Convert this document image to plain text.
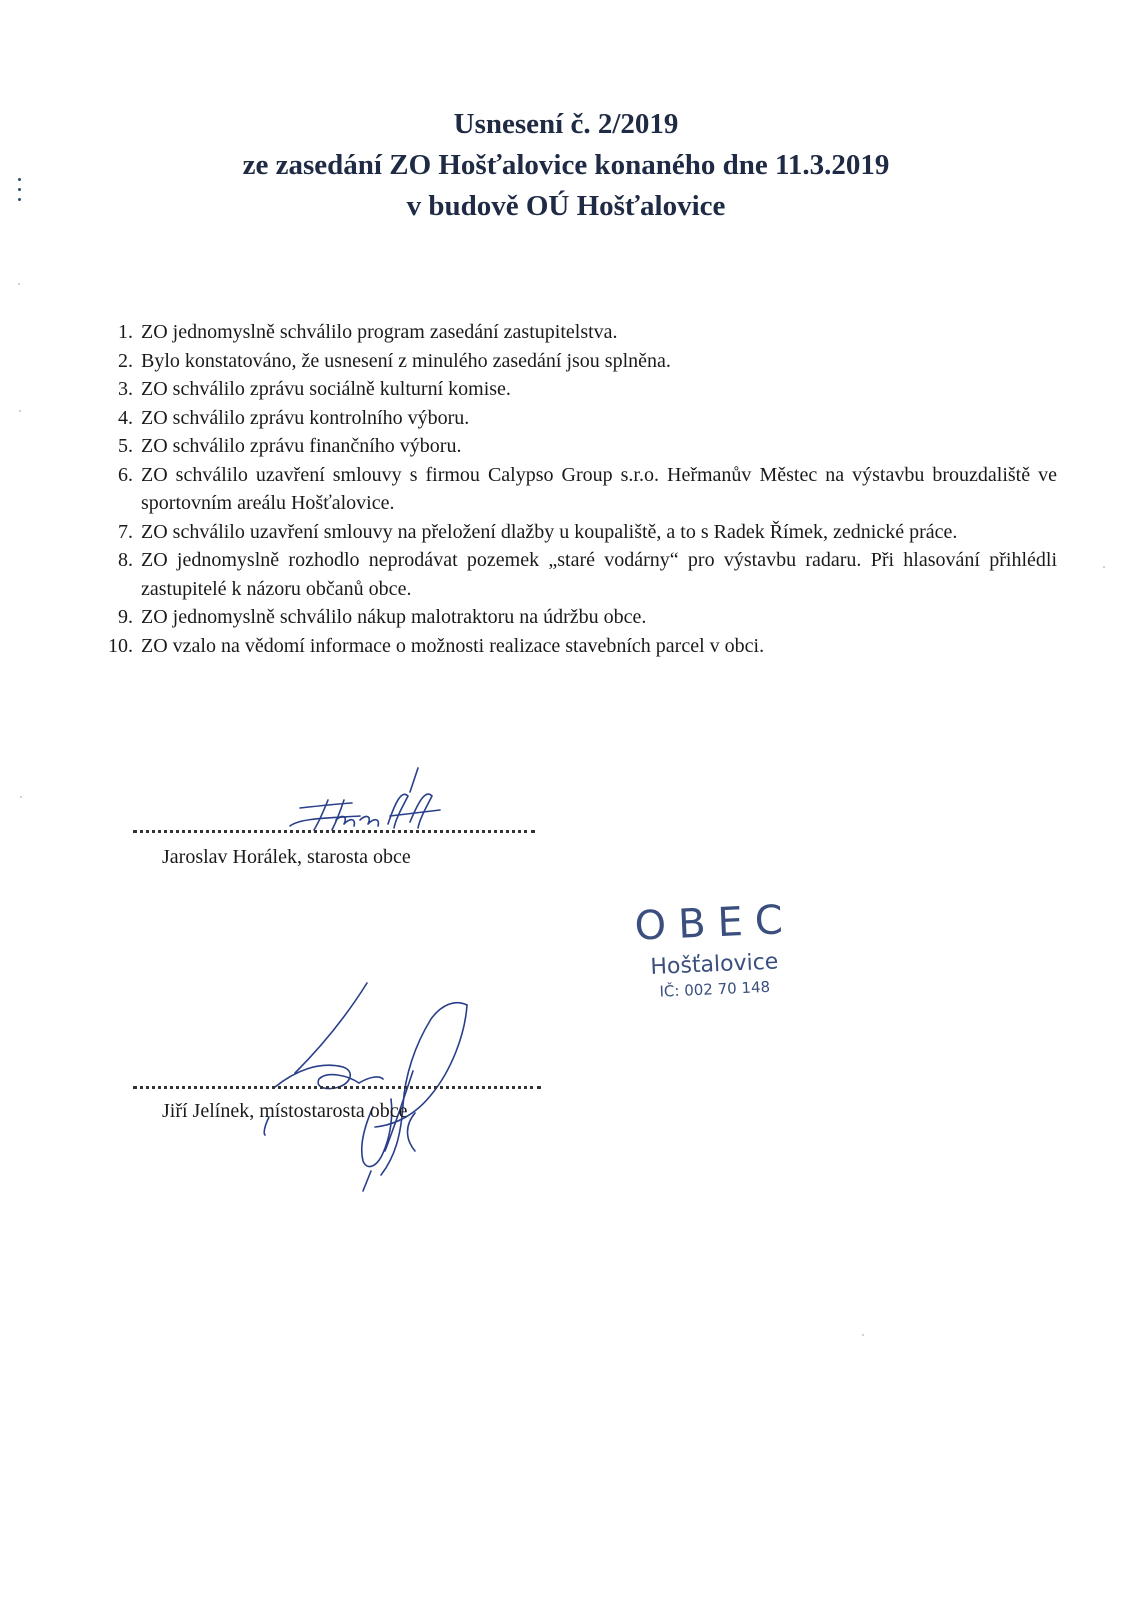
Usnesení č. 2/2019
ze zasedání ZO Hošťalovice konaného dne 11.3.2019
v budově OÚ Hošťalovice
1. ZO jednomyslně schválilo program zasedání zastupitelstva.
2. Bylo konstatováno, že usnesení z minulého zasedání jsou splněna.
3. ZO schválilo zprávu sociálně kulturní komise.
4. ZO schválilo zprávu kontrolního výboru.
5. ZO schválilo zprávu finančního výboru.
6. ZO schválilo uzavření smlouvy s firmou Calypso Group s.r.o. Heřmanův Městec na výstavbu brouzdaliště ve sportovním areálu Hošťalovice.
7. ZO schválilo uzavření smlouvy na přeložení dlažby u koupaliště, a to s Radek Římek, zednické práce.
8. ZO jednomyslně rozhodlo neprodávat pozemek „staré vodárny“ pro výstavbu radaru. Při hlasování přihlédli zastupitelé k názoru občanů obce.
9. ZO jednomyslně schválilo nákup malotraktoru na údržbu obce.
10. ZO vzalo na vědomí informace o možnosti realizace stavebních parcel v obci.
Jaroslav Horálek, starosta obce
OBEC
Hošťalovice
IČ: 002 70 148
Jiří Jelínek, místostarosta obce
